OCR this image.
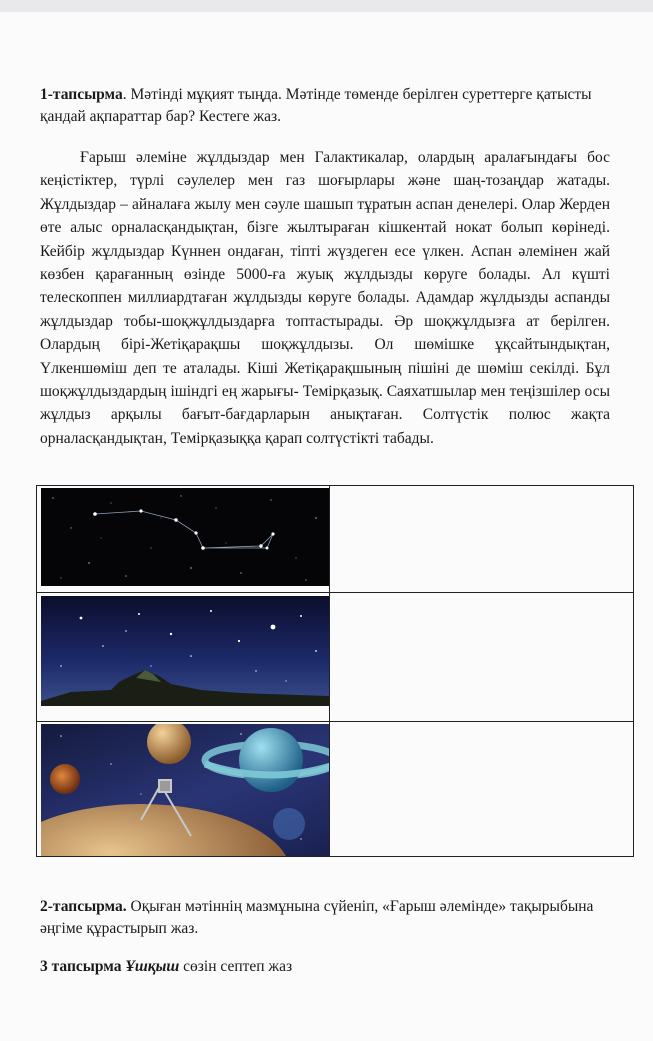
1-тапсырма. Мәтінді мұқият тыңда. Мәтінде төменде берілген суреттерге қатысты қандай ақпараттар бар? Кестеге жаз.
Ғарыш әлеміне жұлдыздар мен Галактикалар, олардың аралағындағы бос кеңістіктер, түрлі сәулелер мен газ шоғырлары және шаң-тозаңдар жатады. Жұлдыздар – айналаға жылу мен сәуле шашып тұратын аспан денелері. Олар Жерден өте алыс орналасқандықтан, бізге жылтыраған кішкентай нокат болып көрінеді. Кейбір жұлдыздар Күннен ондаған, тіпті жүздеген есе үлкен. Аспан әлемінен жай көзбен қарағанның өзінде 5000-ға жуық жұлдызды көруге болады. Ал күшті телескоппен миллиардтаған жұлдызды көруге болады. Адамдар жұлдызды аспанды жұлдыздар тобы-шоқжұлдыздарға топтастырады. Әр шоқжұлдызға ат берілген. Олардың бірі-Жетіқарақшы шоқжұлдызы. Ол шөмішке ұқсайтындықтан, Үлкеншөміш деп те аталады. Кіші Жетіқарақшының пішіні де шөміш секілді. Бұл шоқжұлдыздардың ішіндгі ең жарығы- Темірқазық. Саяхатшылар мен теңізшілер осы жұлдыз арқылы бағыт-бағдарларын анықтаған. Солтүстік полюс жақта орналасқандықтан, Темірқазыққа қарап солтүстікті табады.

2-тапсырма. Оқыған мәтіннің мазмұнына сүйеніп, «Ғарыш әлемінде» тақырыбына әңгіме құрастырып жаз.
3 тапсырма Ұшқыш сөзін септеп жаз
